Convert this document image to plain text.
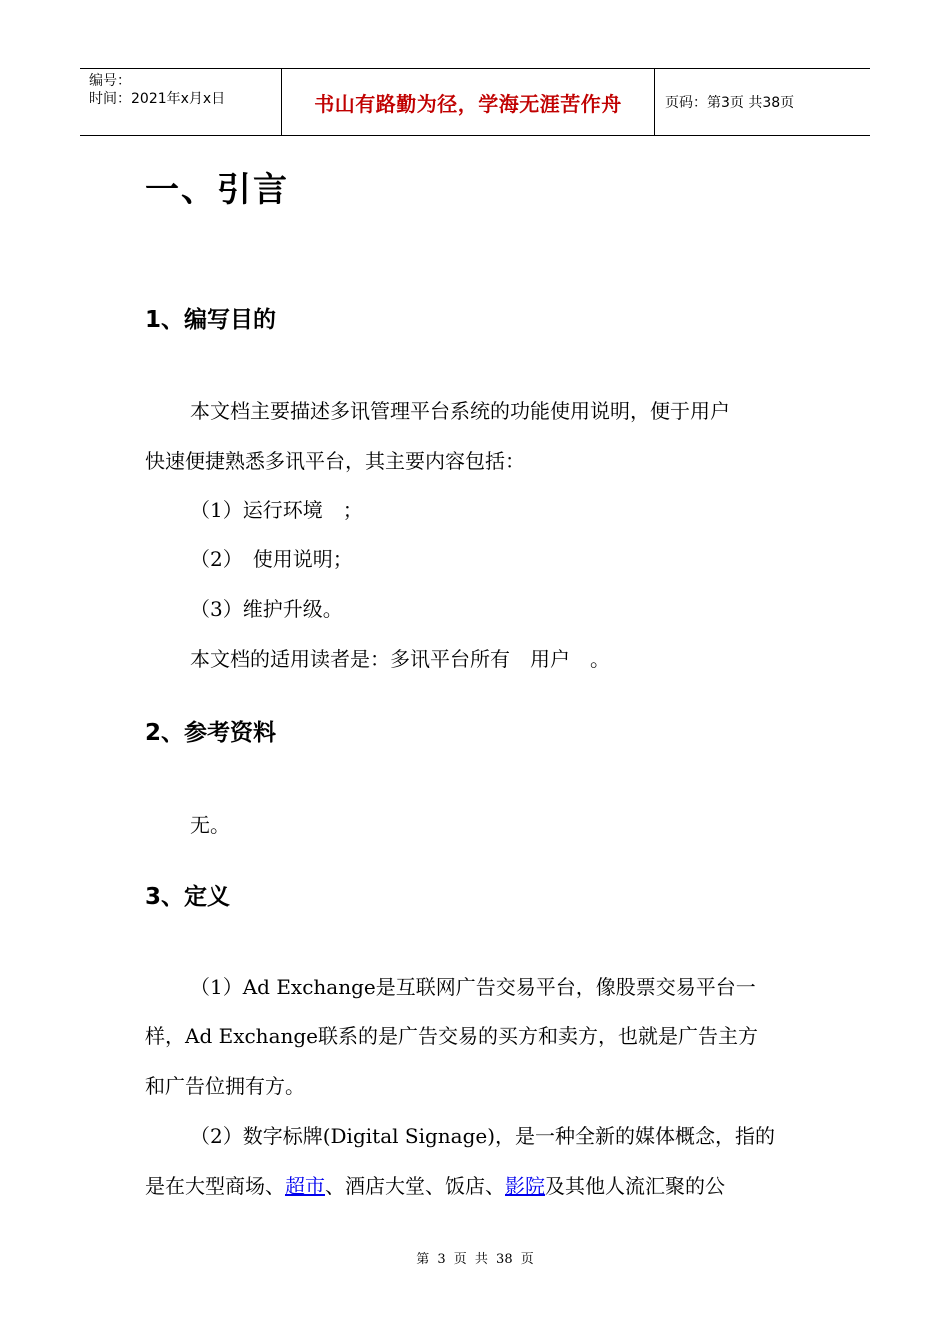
编号：
时间：2021年x月x日	书山有路勤为径，学海无涯苦作舟	页码：第3页 共38页
一、引言
1、编写目的
本文档主要描述多讯管理平台系统的功能使用说明，便于用户
快速便捷熟悉多讯平台，其主要内容包括：
（1）运行环境　；
（2）　使用说明；
（3）维护升级。
本文档的适用读者是：多讯平台所有　用户　。
2、参考资料
无。
3、定义
（1）Ad Exchange是互联网广告交易平台，像股票交易平台一
样，Ad Exchange联系的是广告交易的买方和卖方，也就是广告主方
和广告位拥有方。
（2）数字标牌(Digital Signage)，是一种全新的媒体概念，指的
是在大型商场、超市、酒店大堂、饭店、影院及其他人流汇聚的公
第 3 页 共 38 页
